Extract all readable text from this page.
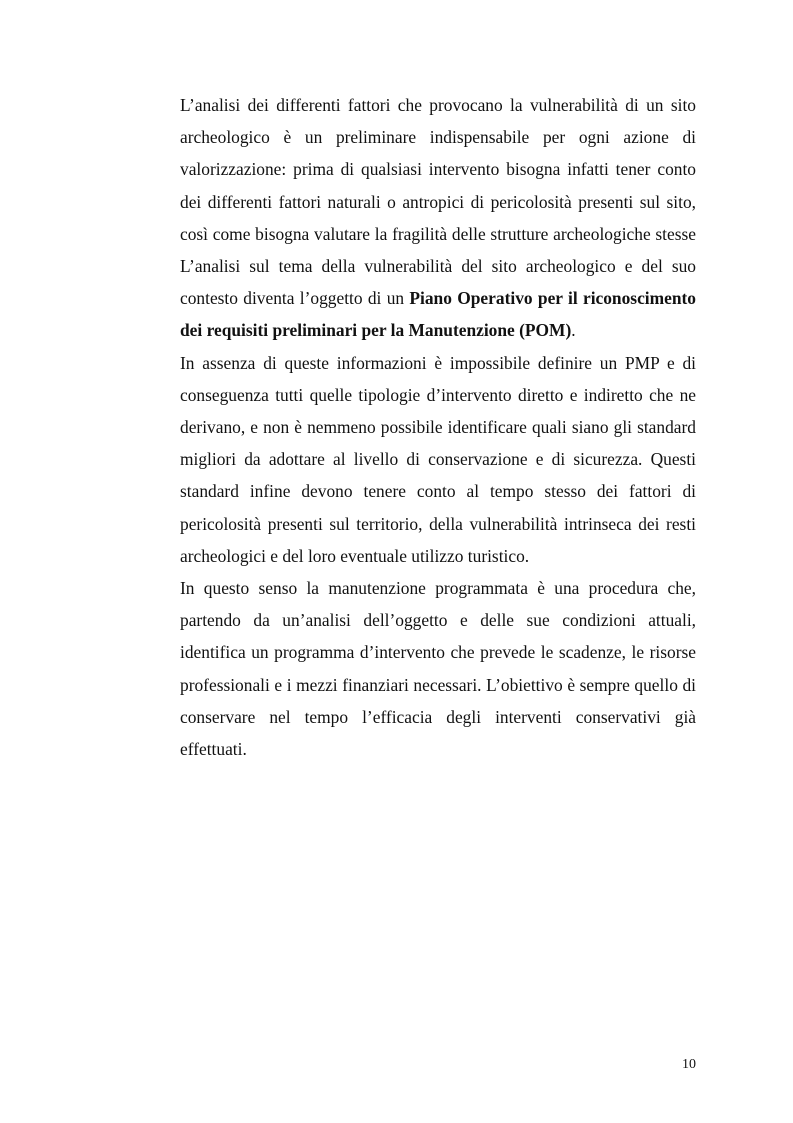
L’analisi dei differenti fattori che provocano la vulnerabilità di un sito archeologico è un preliminare indispensabile per ogni azione di valorizzazione: prima di qualsiasi intervento bisogna infatti tener conto dei differenti fattori naturali o antropici di pericolosità presenti sul sito, così come bisogna valutare la fragilità delle strutture archeologiche stesse L’analisi sul tema della vulnerabilità del sito archeologico e del suo contesto diventa l’oggetto di un Piano Operativo per il riconoscimento dei requisiti preliminari per la Manutenzione (POM).

In assenza di queste informazioni è impossibile definire un PMP e di conseguenza tutti quelle tipologie d’intervento diretto e indiretto che ne derivano, e non è nemmeno possibile identificare quali siano gli standard migliori da adottare al livello di conservazione e di sicurezza. Questi standard infine devono tenere conto al tempo stesso dei fattori di pericolosità presenti sul territorio, della vulnerabilità intrinseca dei resti archeologici e del loro eventuale utilizzo turistico.

In questo senso la manutenzione programmata è una procedura che, partendo da un’analisi dell’oggetto e delle sue condizioni attuali, identifica un programma d’intervento che prevede le scadenze, le risorse professionali e i mezzi finanziari necessari. L’obiettivo è sempre quello di conservare nel tempo l’efficacia degli interventi conservativi già effettuati.

10
